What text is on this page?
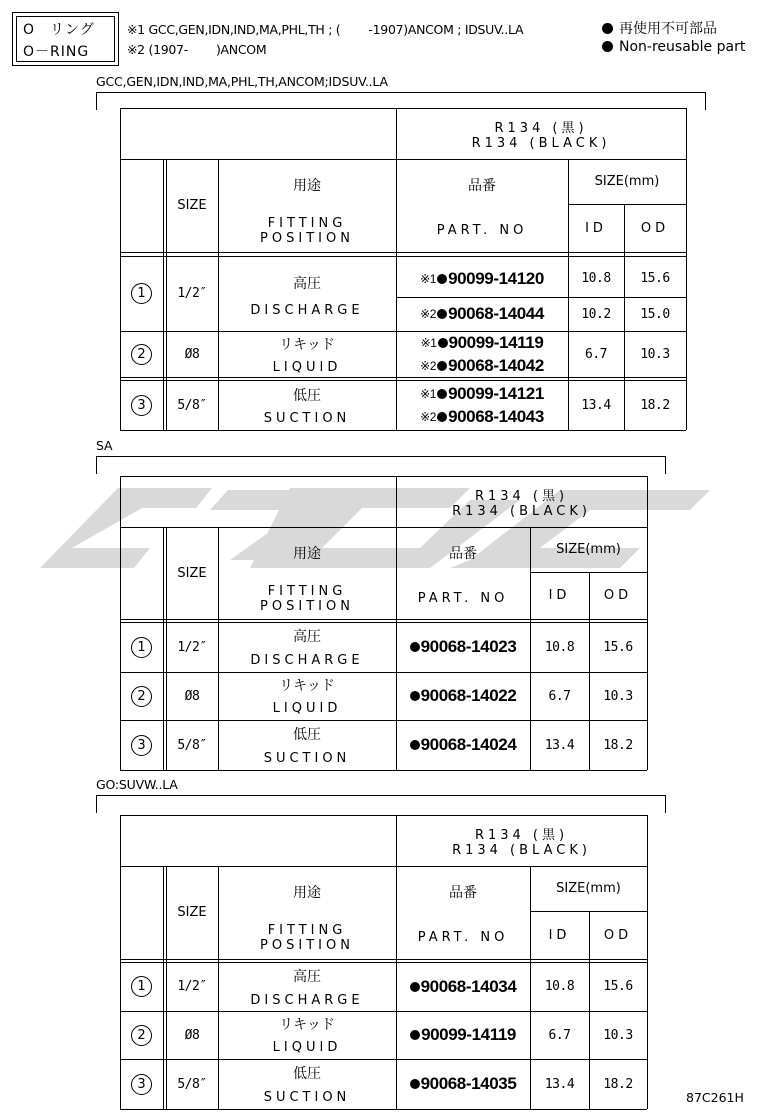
O　リング
O－RING
※1 GCC,GEN,IDN,IND,MA,PHL,TH ; (　　 -1907)ANCOM ; IDSUV..LA
※2 (1907-　　 )ANCOM
再使用不可部品
Non-reusable part
GCC,GEN,IDN,IND,MA,PHL,TH,ANCOM;IDSUV..LA
R134 (黒)
R134 (BLACK)
SIZE
用途
FITTING
POSITION
品番
PART. NO
SIZE(mm)
ID	OD
1	1/2″
高圧
DISCHARGE
※1 90099-14120	10.8	15.6
※2 90068-14044	10.2	15.0
2	Ø8
リキッド
LIQUID
※1 90099-14119
※2 90068-14042
6.7	10.3
3	5/8″
低圧
SUCTION
※1 90099-14121
※2 90068-14043
13.4	18.2
SA
R134 (黒)
R134 (BLACK)
SIZE
用途
FITTING
POSITION
品番
PART. NO
SIZE(mm)
ID	OD
1	1/2″
高圧
DISCHARGE
90068-14023	10.8	15.6
2	Ø8
リキッド
LIQUID
90068-14022	6.7	10.3
3	5/8″
低圧
SUCTION
90068-14024	13.4	18.2
GO:SUVW..LA
R134 (黒)
R134 (BLACK)
SIZE
用途
FITTING
POSITION
品番
PART. NO
SIZE(mm)
ID	OD
1	1/2″
高圧
DISCHARGE
90068-14034	10.8	15.6
2	Ø8
リキッド
LIQUID
90099-14119	6.7	10.3
3	5/8″
低圧
SUCTION
90068-14035	13.4	18.2
87C261H
